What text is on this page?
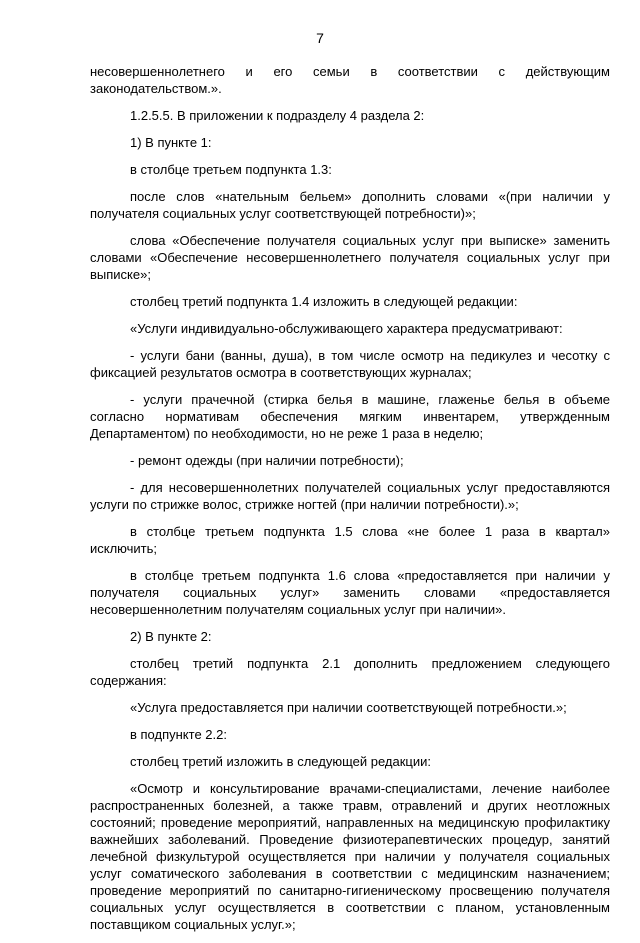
7

несовершеннолетнего и его семьи в соответствии с действующим законодательством.».

1.2.5.5. В приложении к подразделу 4 раздела 2:

1) В пункте 1:

в столбце третьем подпункта 1.3:

после слов «нательным бельем» дополнить словами «(при наличии у получателя социальных услуг соответствующей потребности)»;

слова «Обеспечение получателя социальных услуг при выписке» заменить словами «Обеспечение несовершеннолетнего получателя социальных услуг при выписке»;

столбец третий подпункта 1.4 изложить в следующей редакции:

«Услуги индивидуально-обслуживающего характера предусматривают:

- услуги бани (ванны, душа), в том числе осмотр на педикулез и чесотку с фиксацией результатов осмотра в соответствующих журналах;

- услуги прачечной (стирка белья в машине, глаженье белья в объеме согласно нормативам обеспечения мягким инвентарем, утвержденным Департаментом) по необходимости, но не реже 1 раза в неделю;

- ремонт одежды (при наличии потребности);

- для несовершеннолетних получателей социальных услуг предоставляются услуги по стрижке волос, стрижке ногтей (при наличии потребности).»;

в столбце третьем подпункта 1.5 слова «не более 1 раза в квартал» исключить;

в столбце третьем подпункта 1.6 слова «предоставляется при наличии у получателя социальных услуг» заменить словами «предоставляется несовершеннолетним получателям социальных услуг при наличии».

2) В пункте 2:

столбец третий подпункта 2.1 дополнить предложением следующего содержания:

«Услуга предоставляется при наличии соответствующей потребности.»;

в подпункте 2.2:

столбец третий изложить в следующей редакции:

«Осмотр и консультирование врачами-специалистами, лечение наиболее распространенных болезней, а также травм, отравлений и других неотложных состояний; проведение мероприятий, направленных на медицинскую профилактику важнейших заболеваний. Проведение физиотерапевтических процедур, занятий лечебной физкультурой осуществляется при наличии у получателя социальных услуг соматического заболевания в соответствии с медицинским назначением; проведение мероприятий по санитарно-гигиеническому просвещению получателя социальных услуг осуществляется в соответствии с планом, установленным поставщиком социальных услуг.»;
